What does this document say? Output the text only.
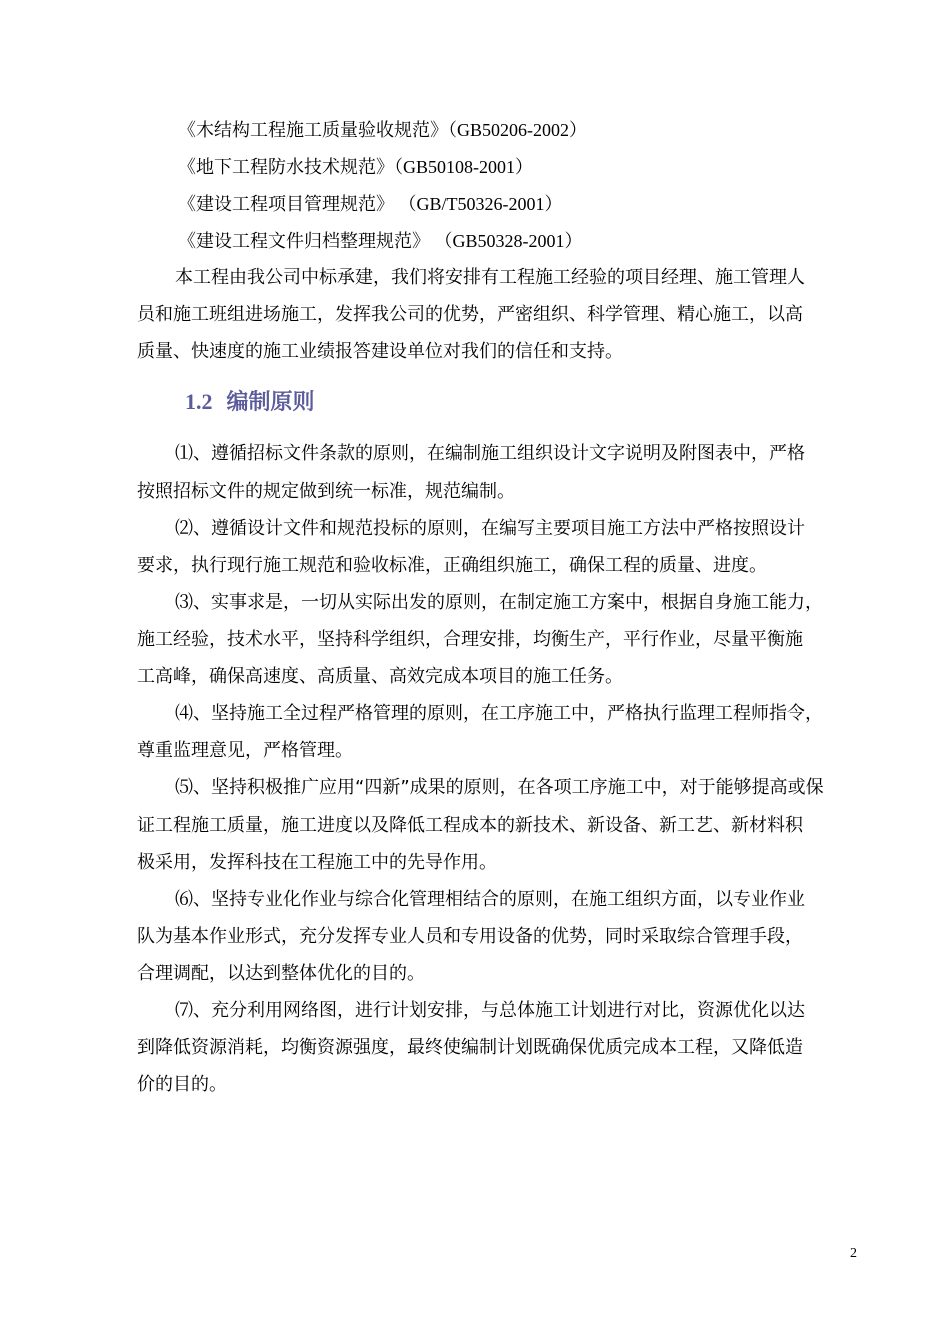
《木结构工程施工质量验收规范》（GB50206-2002）
《地下工程防水技术规范》（GB50108-2001）
《建设工程项目管理规范》 （GB/T50326-2001）
《建设工程文件归档整理规范》 （GB50328-2001）
本工程由我公司中标承建，我们将安排有工程施工经验的项目经理、施工管理人
员和施工班组进场施工，发挥我公司的优势，严密组织、科学管理、精心施工，以高
质量、快速度的施工业绩报答建设单位对我们的信任和支持。
1.2 编制原则
⑴、遵循招标文件条款的原则，在编制施工组织设计文字说明及附图表中，严格
按照招标文件的规定做到统一标准，规范编制。
⑵、遵循设计文件和规范投标的原则，在编写主要项目施工方法中严格按照设计
要求，执行现行施工规范和验收标准，正确组织施工，确保工程的质量、进度。
⑶、实事求是，一切从实际出发的原则，在制定施工方案中，根据自身施工能力，
施工经验，技术水平，坚持科学组织，合理安排，均衡生产，平行作业，尽量平衡施
工高峰，确保高速度、高质量、高效完成本项目的施工任务。
⑷、坚持施工全过程严格管理的原则，在工序施工中，严格执行监理工程师指令，
尊重监理意见，严格管理。
⑸、坚持积极推广应用“四新”成果的原则，在各项工序施工中，对于能够提高或保
证工程施工质量，施工进度以及降低工程成本的新技术、新设备、新工艺、新材料积
极采用，发挥科技在工程施工中的先导作用。
⑹、坚持专业化作业与综合化管理相结合的原则，在施工组织方面，以专业作业
队为基本作业形式，充分发挥专业人员和专用设备的优势，同时采取综合管理手段，
合理调配，以达到整体优化的目的。
⑺、充分利用网络图，进行计划安排，与总体施工计划进行对比，资源优化以达
到降低资源消耗，均衡资源强度，最终使编制计划既确保优质完成本工程，又降低造
价的目的。
2
